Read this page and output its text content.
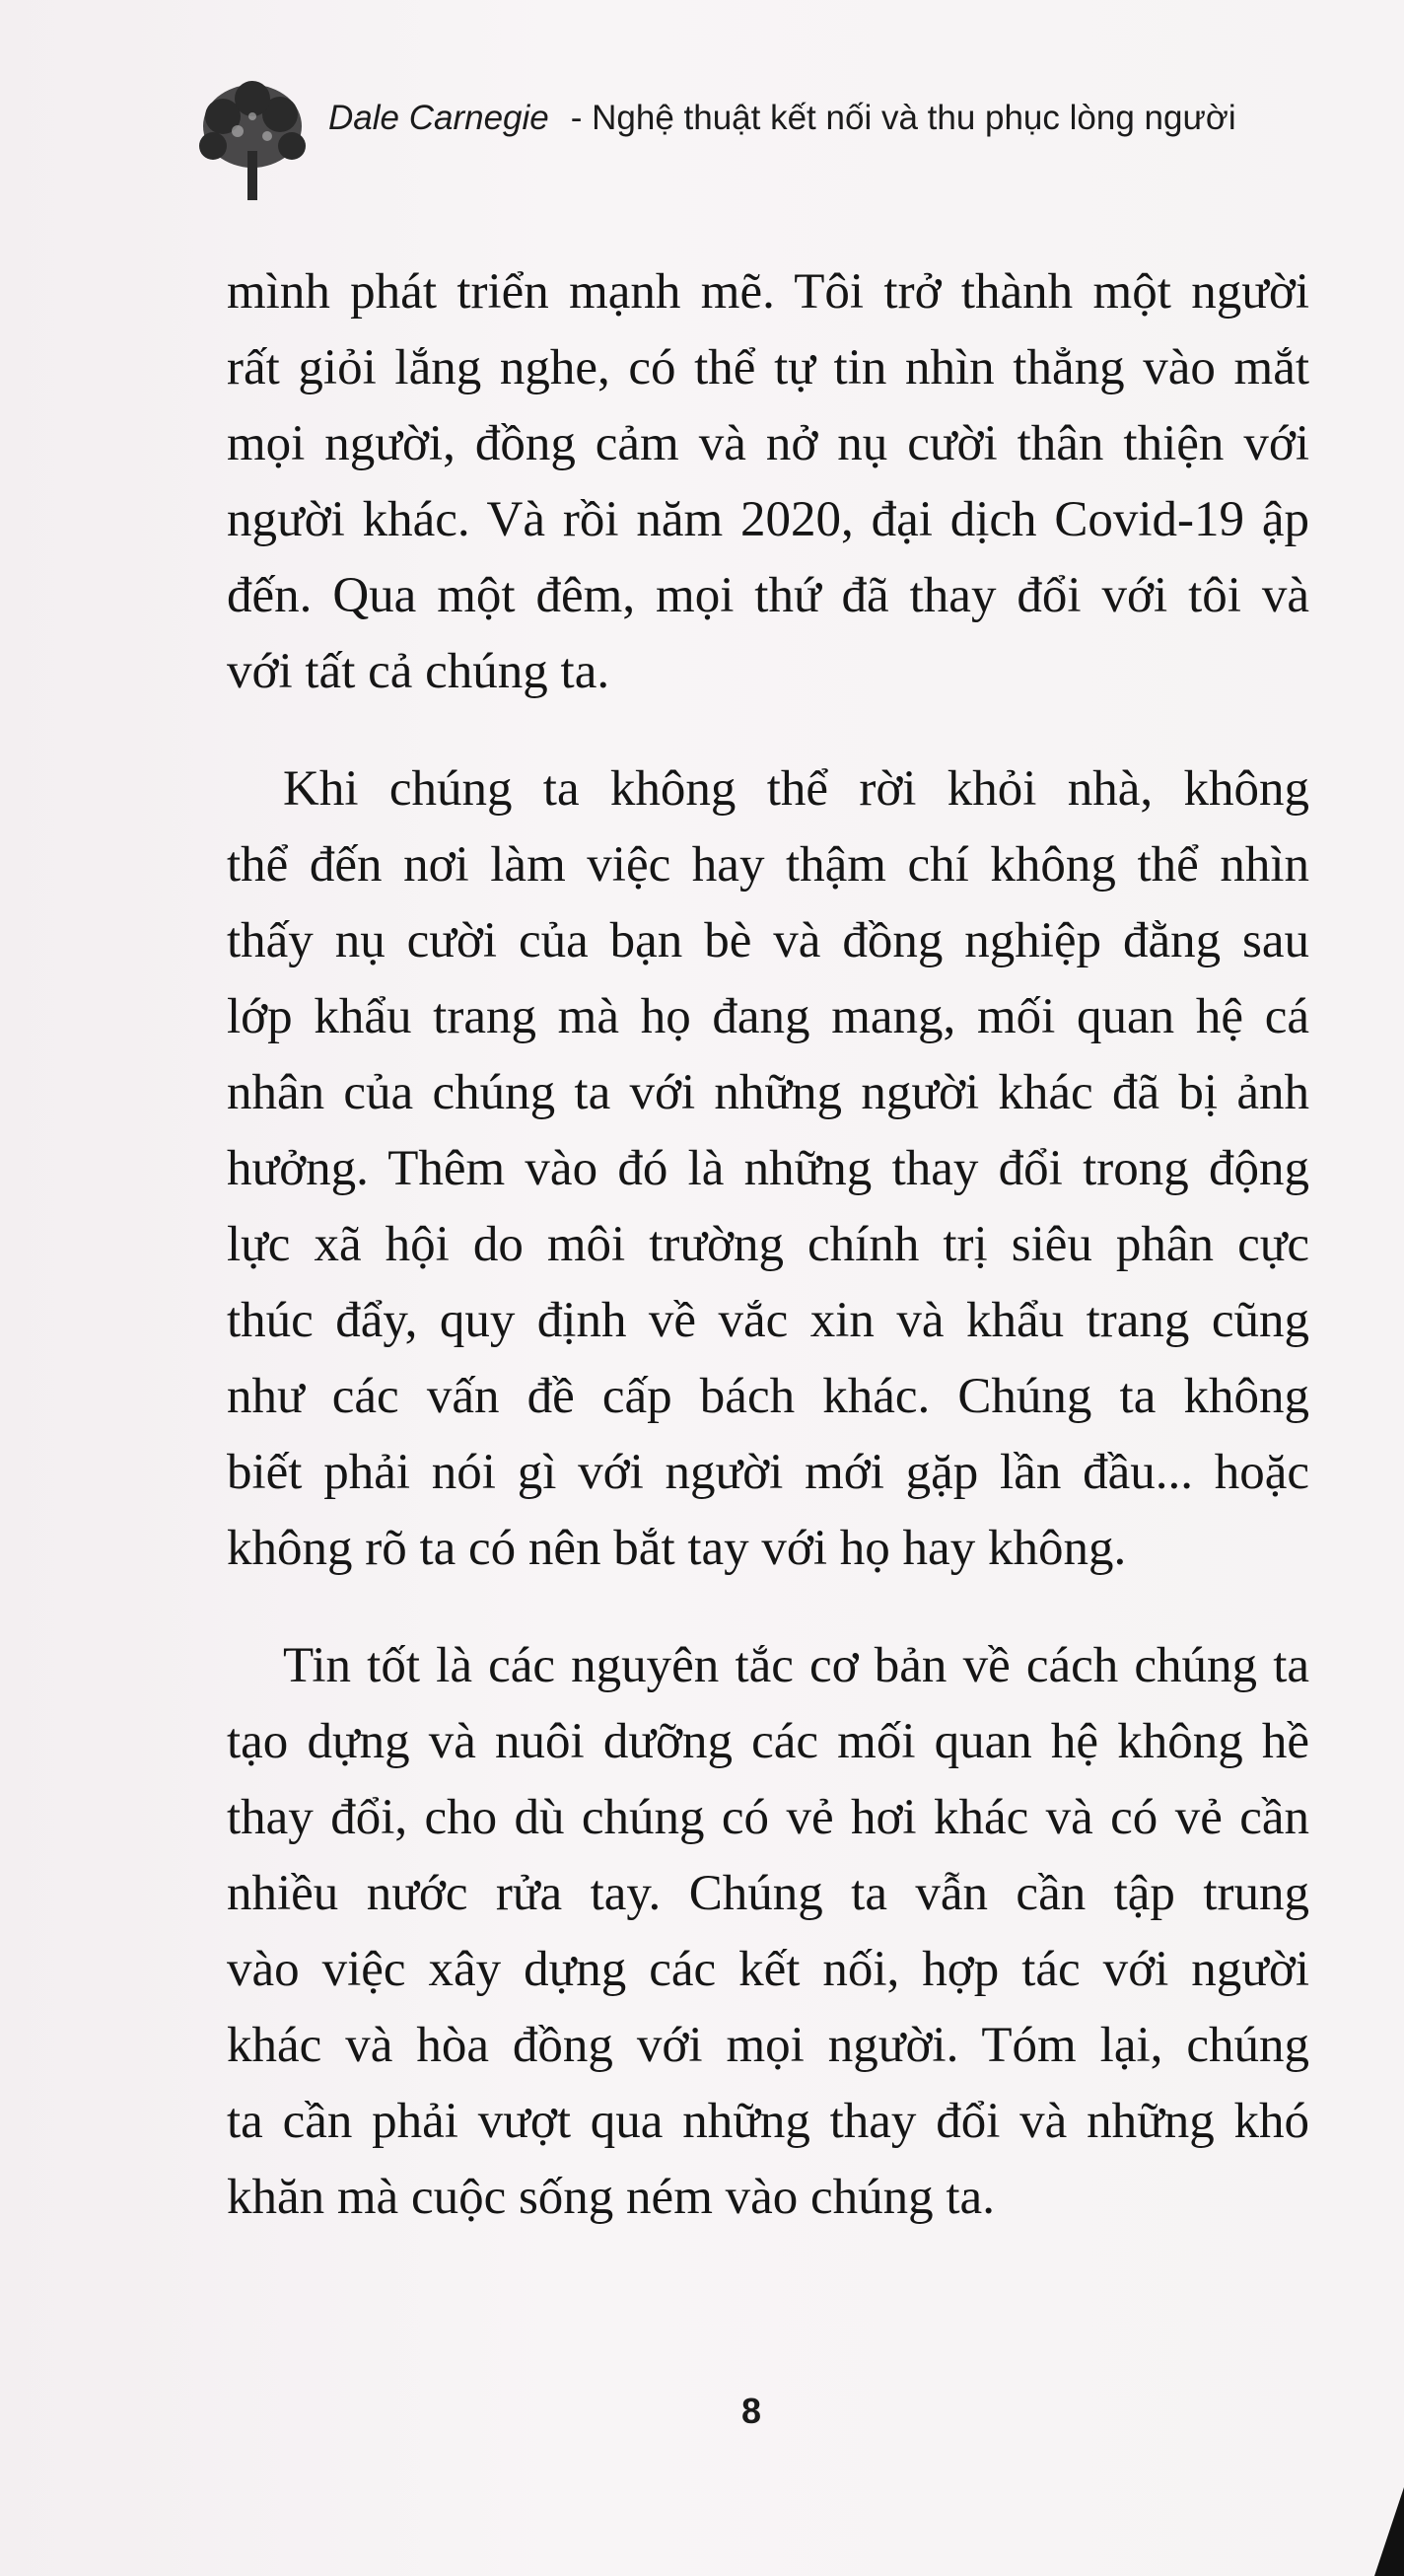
Dale Carnegie - Nghệ thuật kết nối và thu phục lòng người
mình phát triển mạnh mẽ. Tôi trở thành một người
rất giỏi lắng nghe, có thể tự tin nhìn thẳng vào mắt
mọi người, đồng cảm và nở nụ cười thân thiện với
người khác. Và rồi năm 2020, đại dịch Covid-19 ập
đến. Qua một đêm, mọi thứ đã thay đổi với tôi và
với tất cả chúng ta.
Khi chúng ta không thể rời khỏi nhà, không
thể đến nơi làm việc hay thậm chí không thể nhìn
thấy nụ cười của bạn bè và đồng nghiệp đằng sau
lớp khẩu trang mà họ đang mang, mối quan hệ cá
nhân của chúng ta với những người khác đã bị ảnh
hưởng. Thêm vào đó là những thay đổi trong động
lực xã hội do môi trường chính trị siêu phân cực
thúc đẩy, quy định về vắc xin và khẩu trang cũng
như các vấn đề cấp bách khác. Chúng ta không
biết phải nói gì với người mới gặp lần đầu... hoặc
không rõ ta có nên bắt tay với họ hay không.
Tin tốt là các nguyên tắc cơ bản về cách chúng ta
tạo dựng và nuôi dưỡng các mối quan hệ không hề
thay đổi, cho dù chúng có vẻ hơi khác và có vẻ cần
nhiều nước rửa tay. Chúng ta vẫn cần tập trung
vào việc xây dựng các kết nối, hợp tác với người
khác và hòa đồng với mọi người. Tóm lại, chúng
ta cần phải vượt qua những thay đổi và những khó
khăn mà cuộc sống ném vào chúng ta.
8
